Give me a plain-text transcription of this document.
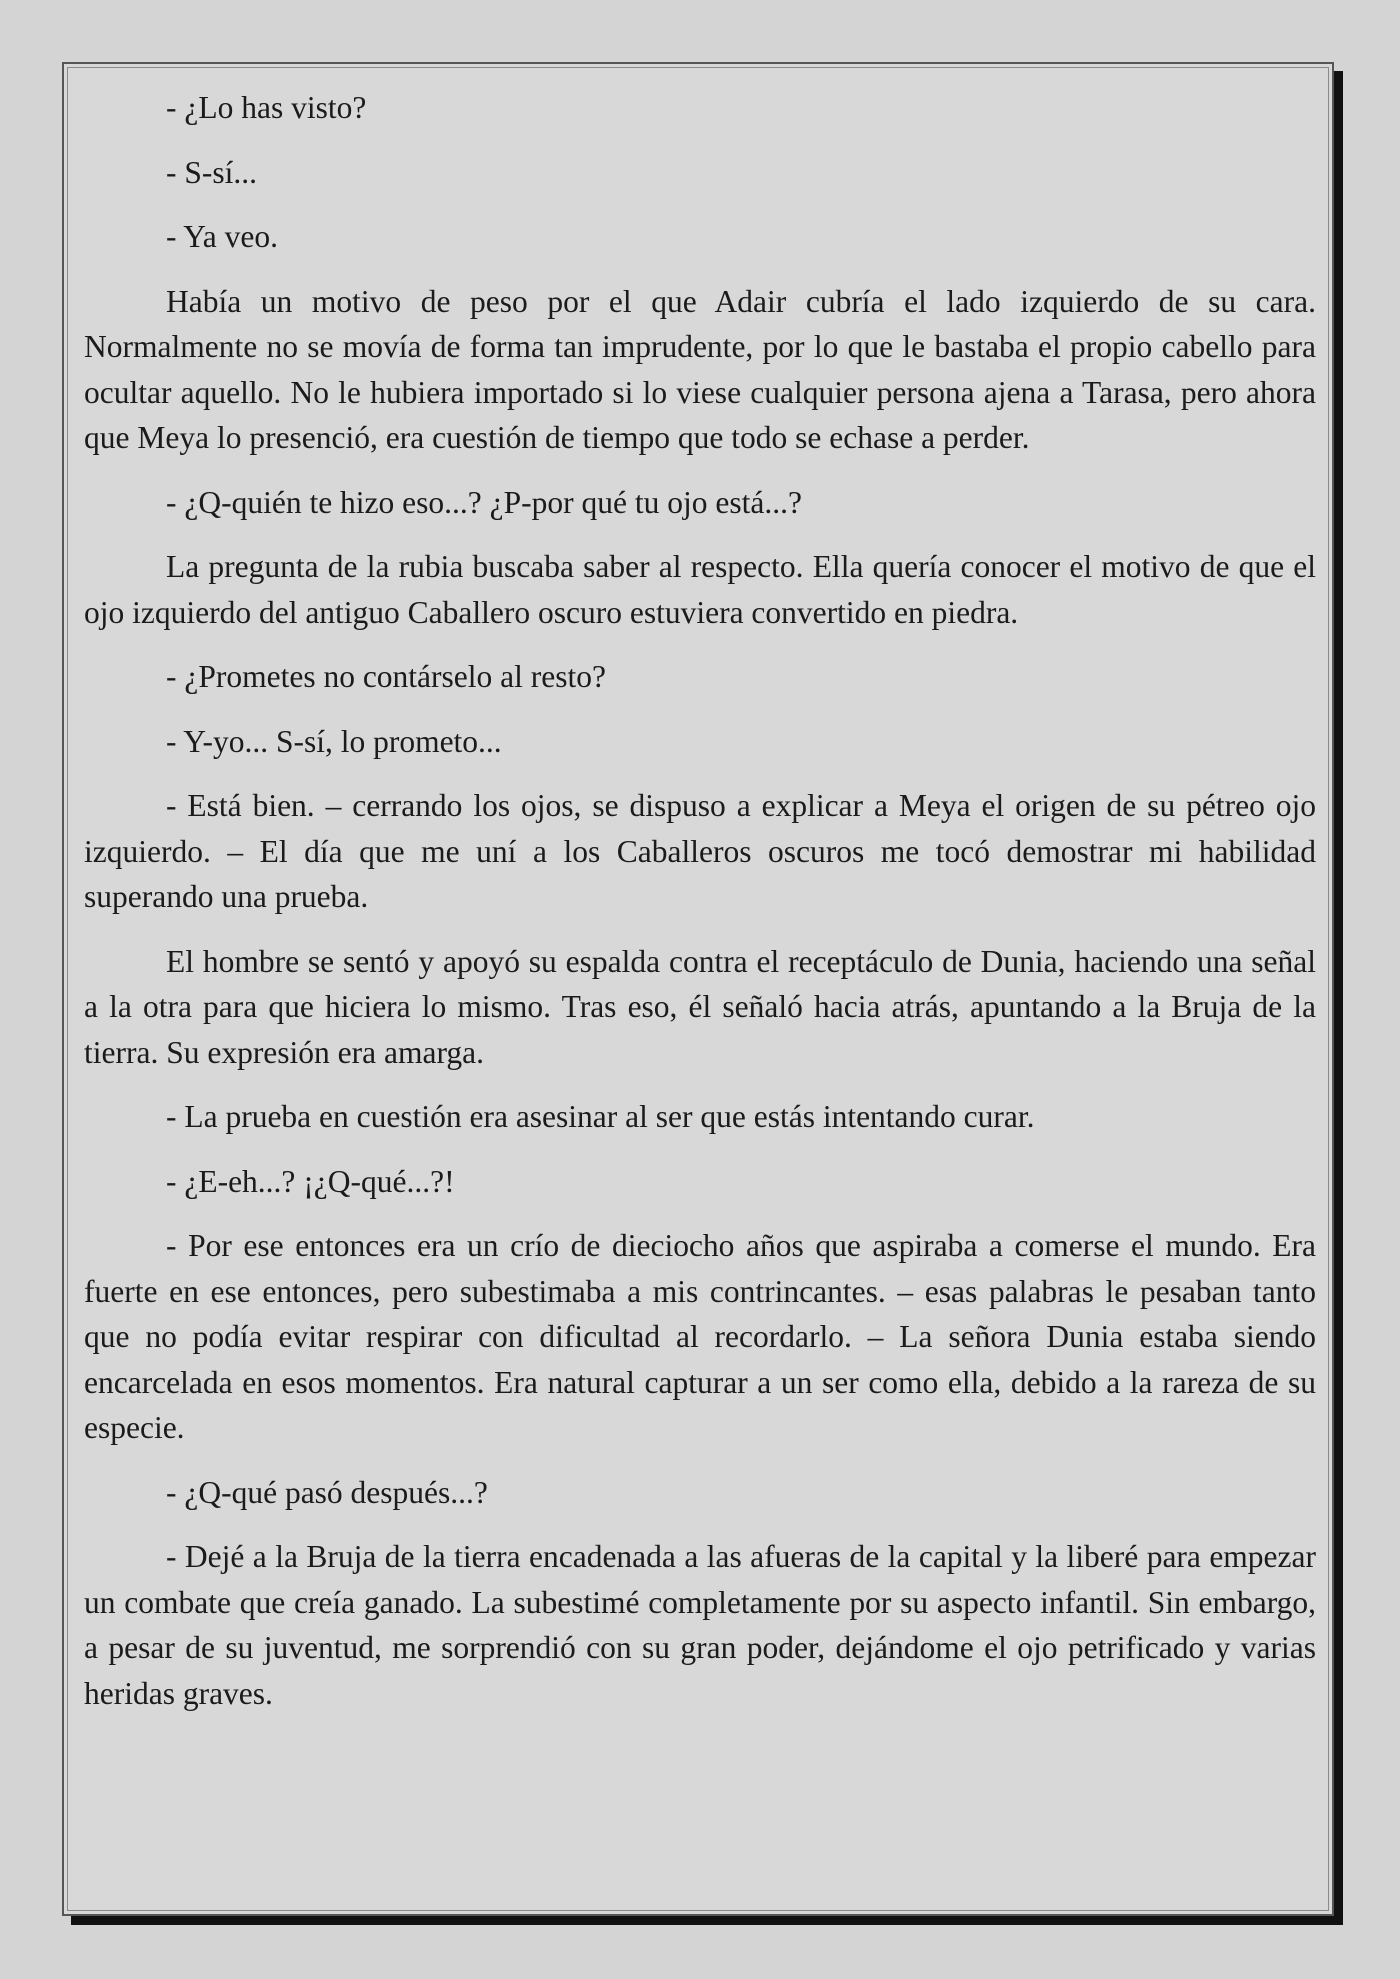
- ¿Lo has visto?

- S-sí...

- Ya veo.

Había un motivo de peso por el que Adair cubría el lado izquierdo de su cara. Normalmente no se movía de forma tan imprudente, por lo que le bastaba el propio cabello para ocultar aquello. No le hubiera importado si lo viese cualquier persona ajena a Tarasa, pero ahora que Meya lo presenció, era cuestión de tiempo que todo se echase a perder.

- ¿Q-quién te hizo eso...? ¿P-por qué tu ojo está...?

La pregunta de la rubia buscaba saber al respecto. Ella quería conocer el motivo de que el ojo izquierdo del antiguo Caballero oscuro estuviera convertido en piedra.

- ¿Prometes no contárselo al resto?

- Y-yo... S-sí, lo prometo...

- Está bien. – cerrando los ojos, se dispuso a explicar a Meya el origen de su pétreo ojo izquierdo. – El día que me uní a los Caballeros oscuros me tocó demostrar mi habilidad superando una prueba.

El hombre se sentó y apoyó su espalda contra el receptáculo de Dunia, haciendo una señal a la otra para que hiciera lo mismo. Tras eso, él señaló hacia atrás, apuntando a la Bruja de la tierra. Su expresión era amarga.

- La prueba en cuestión era asesinar al ser que estás intentando curar.

- ¿E-eh...? ¡¿Q-qué...?!

- Por ese entonces era un crío de dieciocho años que aspiraba a comerse el mundo. Era fuerte en ese entonces, pero subestimaba a mis contrincantes. – esas palabras le pesaban tanto que no podía evitar respirar con dificultad al recordarlo. – La señora Dunia estaba siendo encarcelada en esos momentos. Era natural capturar a un ser como ella, debido a la rareza de su especie.

- ¿Q-qué pasó después...?

- Dejé a la Bruja de la tierra encadenada a las afueras de la capital y la liberé para empezar un combate que creía ganado. La subestimé completamente por su aspecto infantil. Sin embargo, a pesar de su juventud, me sorprendió con su gran poder, dejándome el ojo petrificado y varias heridas graves.
